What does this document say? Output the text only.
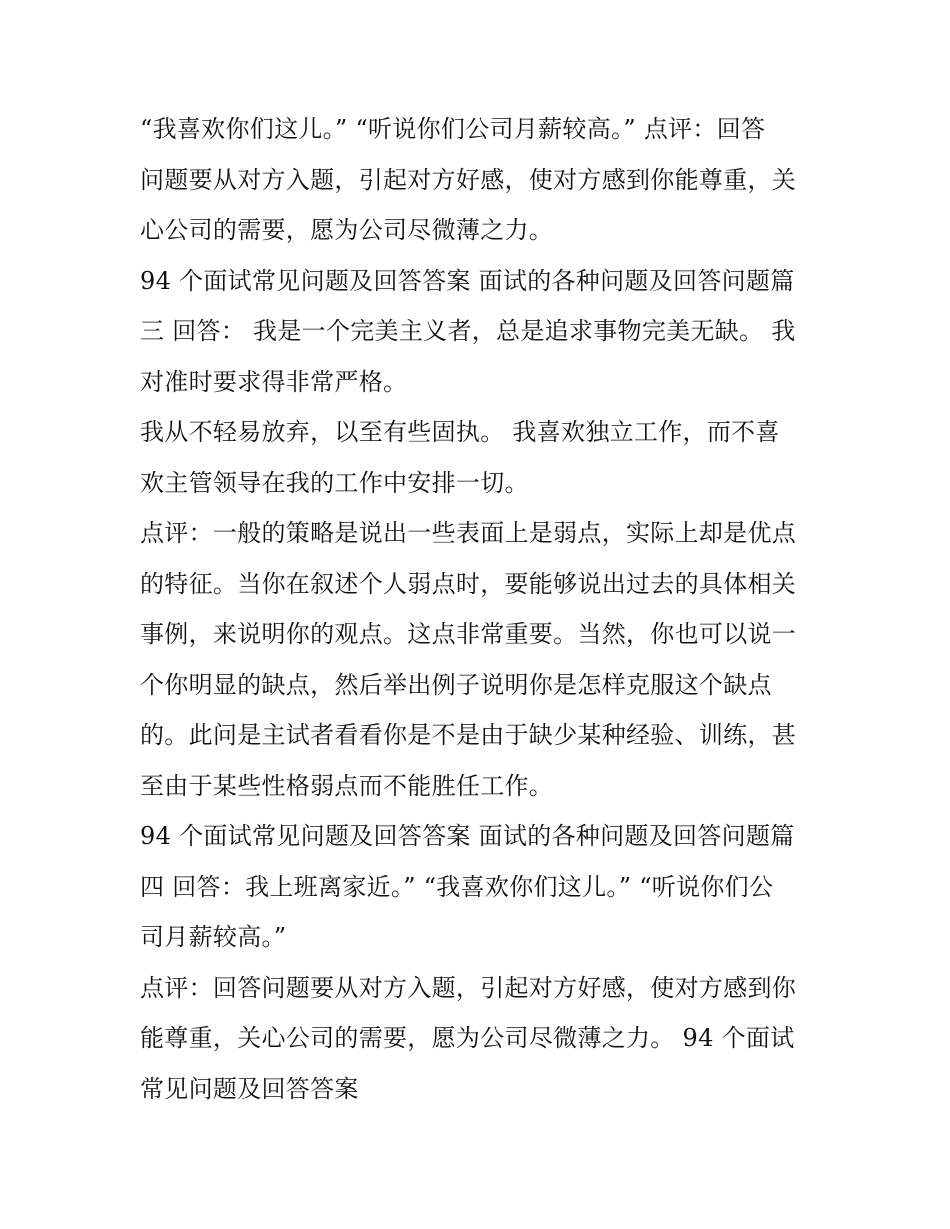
“我喜欢你们这儿。” “听说你们公司月薪较高。” 点评：回答
问题要从对方入题，引起对方好感，使对方感到你能尊重，关
心公司的需要，愿为公司尽微薄之力。
94 个面试常见问题及回答答案 面试的各种问题及回答问题篇
三 回答： 我是一个完美主义者，总是追求事物完美无缺。 我
对准时要求得非常严格。
我从不轻易放弃，以至有些固执。 我喜欢独立工作，而不喜
欢主管领导在我的工作中安排一切。
点评：一般的策略是说出一些表面上是弱点，实际上却是优点
的特征。当你在叙述个人弱点时，要能够说出过去的具体相关
事例，来说明你的观点。这点非常重要。当然，你也可以说一
个你明显的缺点，然后举出例子说明你是怎样克服这个缺点
的。此问是主试者看看你是不是由于缺少某种经验、训练，甚
至由于某些性格弱点而不能胜任工作。
94 个面试常见问题及回答答案 面试的各种问题及回答问题篇
四 回答：我上班离家近。” “我喜欢你们这儿。” “听说你们公
司月薪较高。”
点评：回答问题要从对方入题，引起对方好感，使对方感到你
能尊重，关心公司的需要，愿为公司尽微薄之力。 94 个面试
常见问题及回答答案
